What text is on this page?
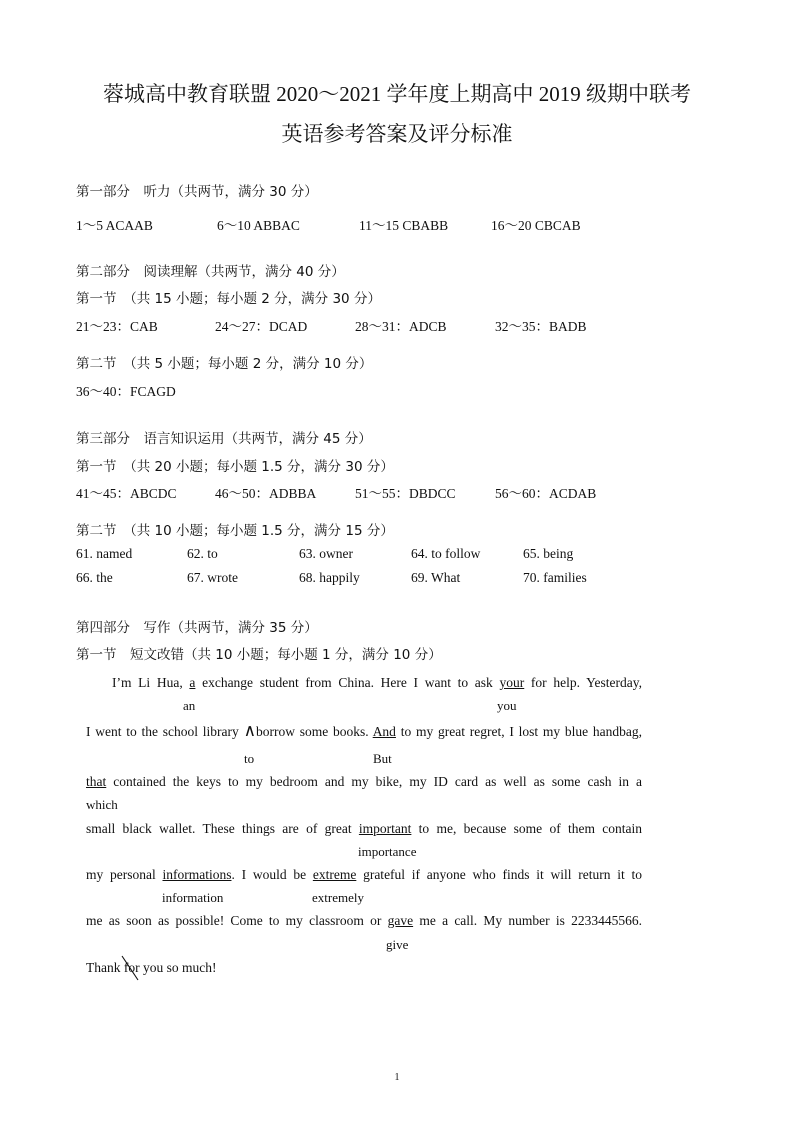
蓉城高中教育联盟 2020～2021 学年度上期高中 2019 级期中联考
英语参考答案及评分标准
第一部分　听力（共两节，满分 30 分）
1～5 ACAAB	6～10 ABBAC	11～15 CBABB	16～20 CBCAB
第二部分　阅读理解（共两节，满分 40 分）
第一节　（共 15 小题；每小题 2 分，满分 30 分）
21～23：CAB	24～27：DCAD	28～31：ADCB	32～35：BADB
第二节　（共 5 小题；每小题 2 分，满分 10 分）
36～40：FCAGD
第三部分　语言知识运用（共两节，满分 45 分）
第一节　（共 20 小题；每小题 1.5 分，满分 30 分）
41～45：ABCDC	46～50：ADBBA	51～55：DBDCC	56～60：ACDAB
第二节　（共 10 小题；每小题 1.5 分，满分 15 分）
61. named	62. to	63. owner	64. to follow	65. being
66. the	67. wrote	68. happily	69. What	70. families
第四部分　写作（共两节，满分 35 分）
第一节　短文改错（共 10 小题；每小题 1 分，满分 10 分）
I’m Li Hua, a exchange student from China. Here I want to ask your for help. Yesterday,
an	you
I went to the school library ∧borrow some books. And to my great regret, I lost my blue handbag,
to	But
that contained the keys to my bedroom and my bike, my ID card as well as some cash in a
which
small black wallet. These things are of great important to me, because some of them contain
importance
my personal informations. I would be extreme grateful if anyone who finds it will return it to
information	extremely
me as soon as possible! Come to my classroom or gave me a call. My number is 2233445566.
give
Thank for
you so much!
1
